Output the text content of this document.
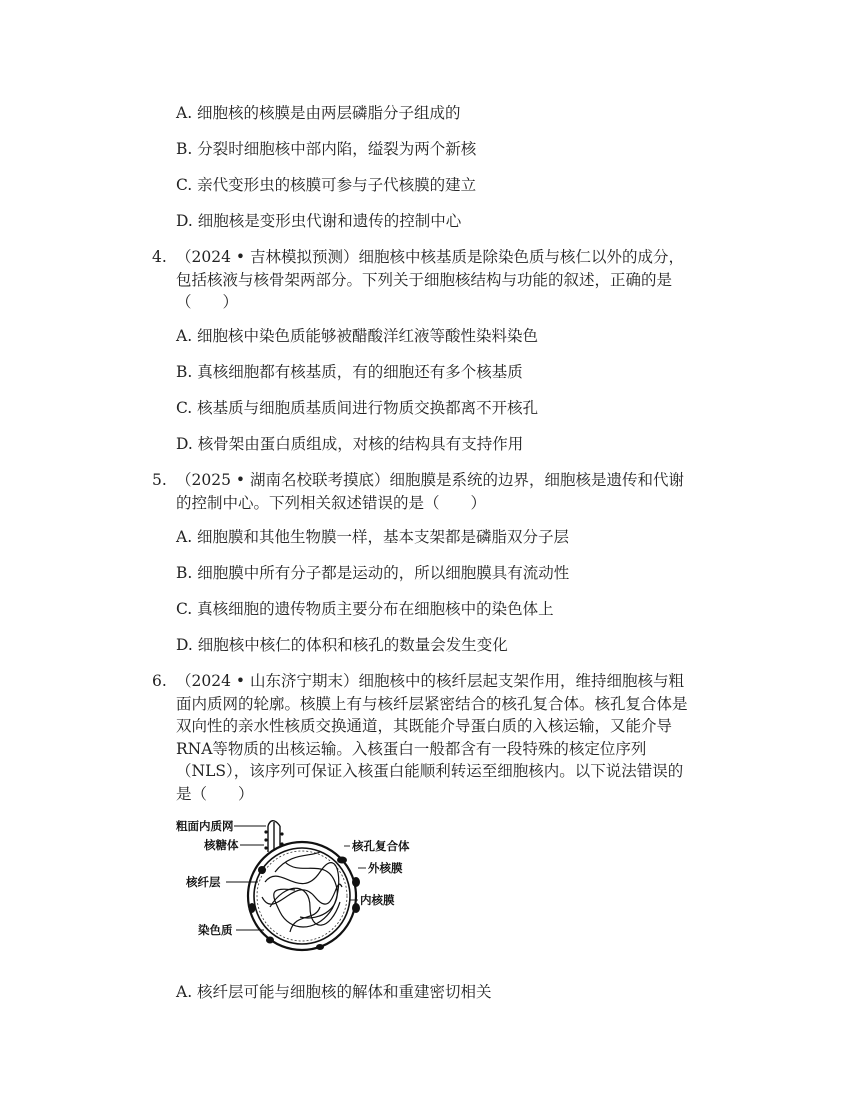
A. 细胞核的核膜是由两层磷脂分子组成的
B. 分裂时细胞核中部内陷，缢裂为两个新核
C. 亲代变形虫的核膜可参与子代核膜的建立
D. 细胞核是变形虫代谢和遗传的控制中心
4. （2024 • 吉林模拟预测）细胞核中核基质是除染色质与核仁以外的成分，
包括核液与核骨架两部分。下列关于细胞核结构与功能的叙述，正确的是
（　　）
A. 细胞核中染色质能够被醋酸洋红液等酸性染料染色
B. 真核细胞都有核基质，有的细胞还有多个核基质
C. 核基质与细胞质基质间进行物质交换都离不开核孔
D. 核骨架由蛋白质组成，对核的结构具有支持作用
5. （2025 • 湖南名校联考摸底）细胞膜是系统的边界，细胞核是遗传和代谢
的控制中心。下列相关叙述错误的是（　　）
A. 细胞膜和其他生物膜一样，基本支架都是磷脂双分子层
B. 细胞膜中所有分子都是运动的，所以细胞膜具有流动性
C. 真核细胞的遗传物质主要分布在细胞核中的染色体上
D. 细胞核中核仁的体积和核孔的数量会发生变化
6. （2024 • 山东济宁期末）细胞核中的核纤层起支架作用，维持细胞核与粗
面内质网的轮廓。核膜上有与核纤层紧密结合的核孔复合体。核孔复合体是
双向性的亲水性核质交换通道，其既能介导蛋白质的入核运输，又能介导
RNA等物质的出核运输。入核蛋白一般都含有一段特殊的核定位序列
（NLS），该序列可保证入核蛋白能顺利转运至细胞核内。以下说法错误的
是（　　）
粗面内质网
核糖体
核纤层
染色质
核孔复合体
外核膜
内核膜
A. 核纤层可能与细胞核的解体和重建密切相关
